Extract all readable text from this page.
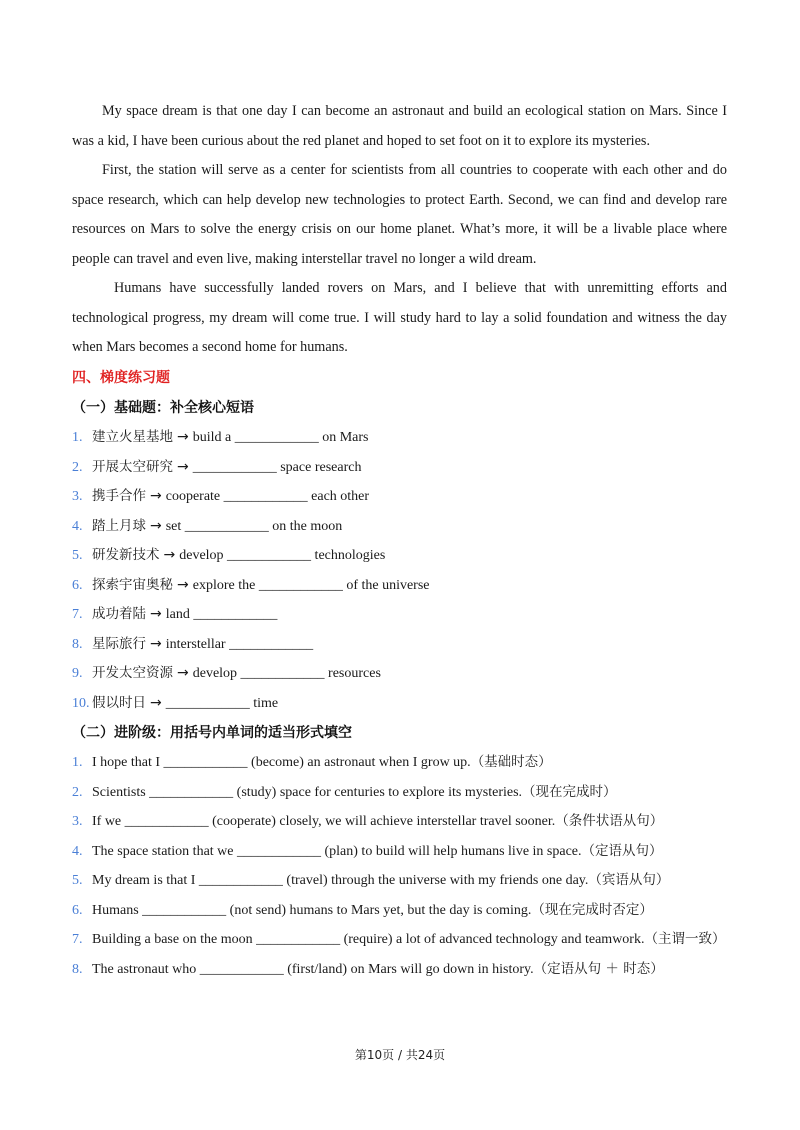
My space dream is that one day I can become an astronaut and build an ecological station on Mars. Since I was a kid, I have been curious about the red planet and hoped to set foot on it to explore its mysteries.

First, the station will serve as a center for scientists from all countries to cooperate with each other and do space research, which can help develop new technologies to protect Earth. Second, we can find and develop rare resources on Mars to solve the energy crisis on our home planet. What’s more, it will be a livable place where people can travel and even live, making interstellar travel no longer a wild dream.

Humans have successfully landed rovers on Mars, and I believe that with unremitting efforts and technological progress, my dream will come true. I will study hard to lay a solid foundation and witness the day when Mars becomes a second home for humans.

四、梯度练习题
（一）基础题：补全核心短语
1. 建立火星基地 → build a ____________ on Mars
2. 开展太空研究 → ____________ space research
3. 携手合作 → cooperate ____________ each other
4. 踏上月球 → set ____________ on the moon
5. 研发新技术 → develop ____________ technologies
6. 探索宇宙奥秘 → explore the ____________ of the universe
7. 成功着陆 → land ____________
8. 星际旅行 → interstellar ____________
9. 开发太空资源 → develop ____________ resources
10. 假以时日 → ____________ time
（二）进阶级：用括号内单词的适当形式填空
1. I hope that I ____________ (become) an astronaut when I grow up.（基础时态）
2. Scientists ____________ (study) space for centuries to explore its mysteries.（现在完成时）
3. If we ____________ (cooperate) closely, we will achieve interstellar travel sooner.（条件状语从句）
4. The space station that we ____________ (plan) to build will help humans live in space.（定语从句）
5. My dream is that I ____________ (travel) through the universe with my friends one day.（宾语从句）
6. Humans ____________ (not send) humans to Mars yet, but the day is coming.（现在完成时否定）
7. Building a base on the moon ____________ (require) a lot of advanced technology and teamwork.（主谓一致）
8. The astronaut who ____________ (first/land) on Mars will go down in history.（定语从句 ＋ 时态）

第10页 / 共24页
